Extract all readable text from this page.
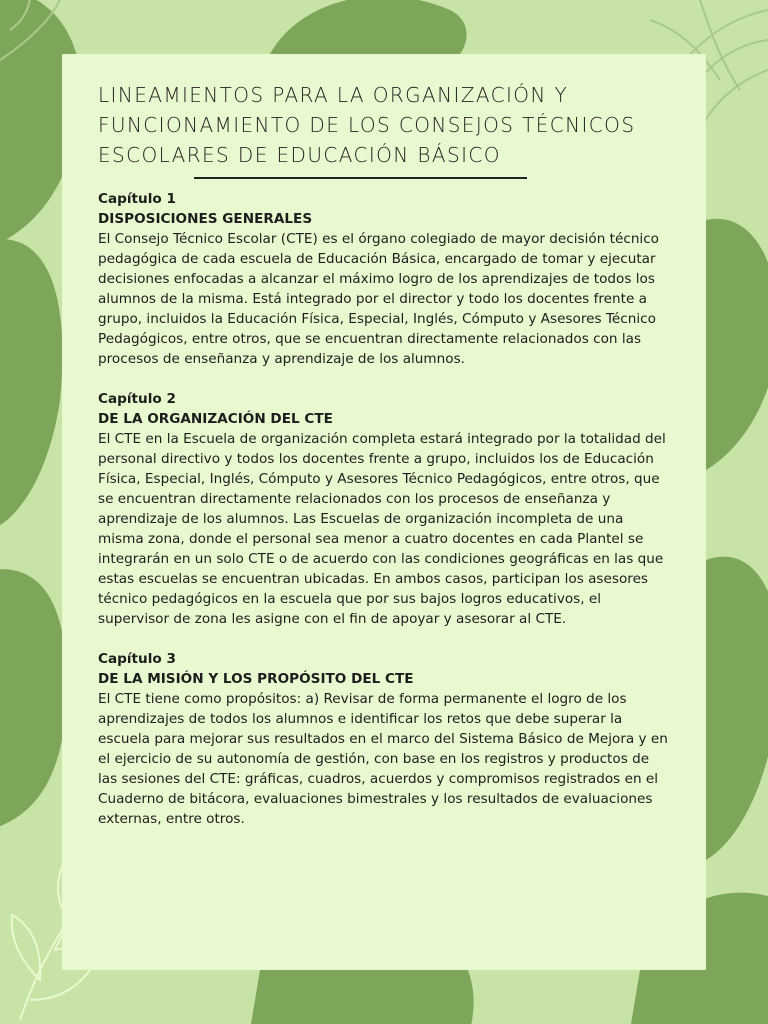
LINEAMIENTOS PARA LA ORGANIZACIÓN Y FUNCIONAMIENTO DE LOS CONSEJOS TÉCNICOS ESCOLARES DE EDUCACIÓN BÁSICO
Capítulo 1
DISPOSICIONES GENERALES
El Consejo Técnico Escolar (CTE) es el órgano colegiado de mayor decisión técnico pedagógica de cada escuela de Educación Básica, encargado de tomar y ejecutar decisiones enfocadas a alcanzar el máximo logro de los aprendizajes de todos los alumnos de la misma. Está integrado por el director y todo los docentes frente a grupo, incluidos la Educación Física, Especial, Inglés, Cómputo y Asesores Técnico Pedagógicos, entre otros, que se encuentran directamente relacionados con las procesos de enseñanza y aprendizaje de los alumnos.
Capítulo 2
DE LA ORGANIZACIÓN DEL CTE
El CTE en la Escuela de organización completa estará integrado por la totalidad del personal directivo y todos los docentes frente a grupo, incluidos los de Educación Física, Especial, Inglés, Cómputo y Asesores Técnico Pedagógicos, entre otros, que se encuentran directamente relacionados con los procesos de enseñanza y aprendizaje de los alumnos. Las Escuelas de organización incompleta de una misma zona, donde el personal sea menor a cuatro docentes en cada Plantel se integrarán en un solo CTE o de acuerdo con las condiciones geográficas en las que estas escuelas se encuentran ubicadas. En ambos casos, participan los asesores técnico pedagógicos en la escuela que por sus bajos logros educativos, el supervisor de zona les asigne con el fin de apoyar y asesorar al CTE.
Capítulo 3
DE LA MISIÓN Y LOS PROPÓSITO DEL CTE
El CTE tiene como propósitos: a) Revisar de forma permanente el logro de los aprendizajes de todos los alumnos e identificar los retos que debe superar la escuela para mejorar sus resultados en el marco del Sistema Básico de Mejora y en el ejercicio de su autonomía de gestión, con base en los registros y productos de las sesiones del CTE: gráficas, cuadros, acuerdos y compromisos registrados en el Cuaderno de bitácora, evaluaciones bimestrales y los resultados de evaluaciones externas, entre otros.
